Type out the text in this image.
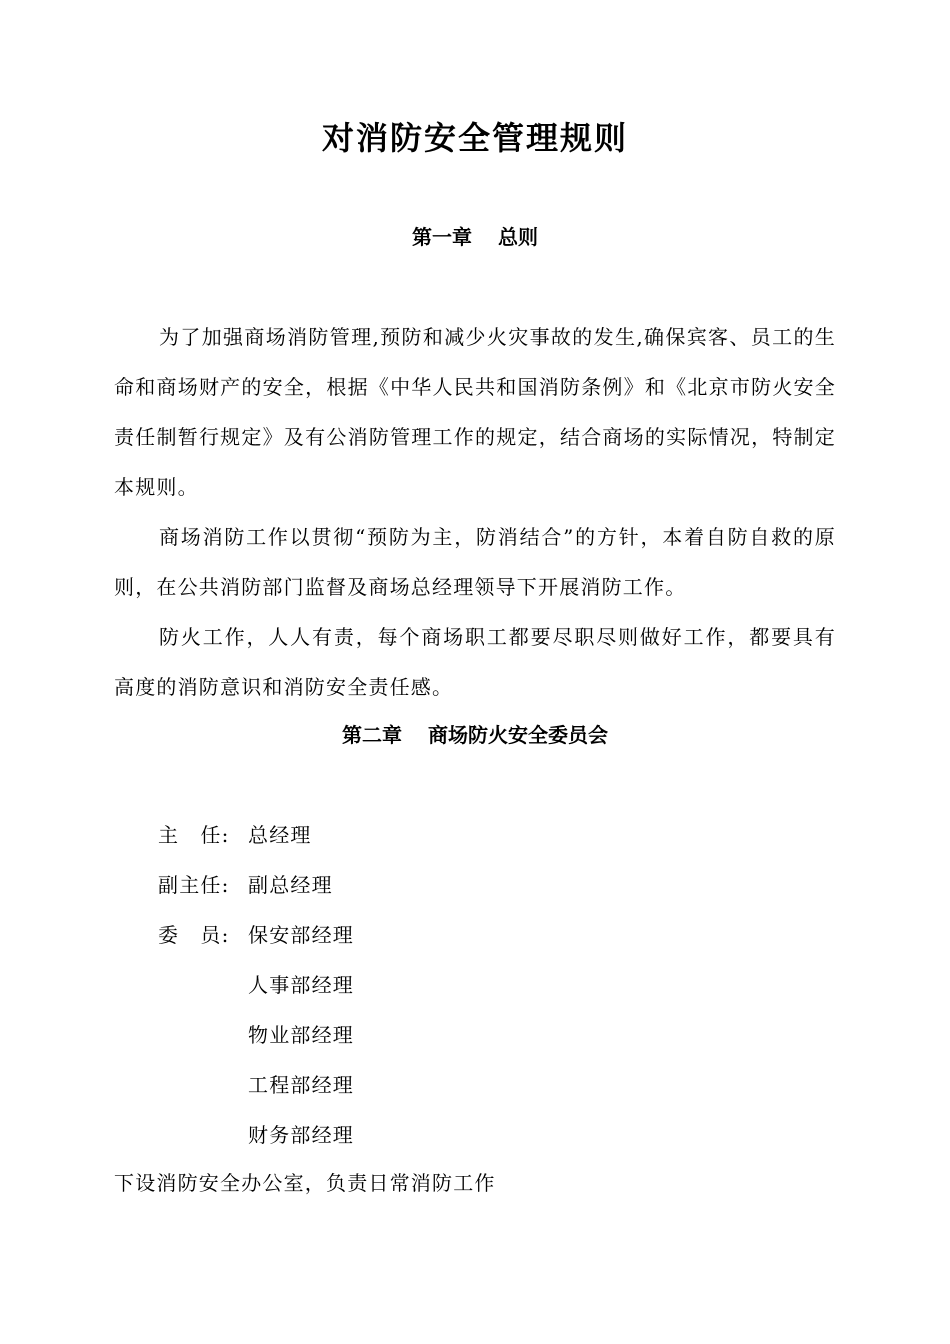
对消防安全管理规则
第一章 总则

为了加强商场消防管理,预防和减少火灾事故的发生,确保宾客、员工的生命和商场财产的安全，根据《中华人民共和国消防条例》和《北京市防火安全责任制暂行规定》及有公消防管理工作的规定，结合商场的实际情况，特制定本规则。

商场消防工作以贯彻“预防为主，防消结合”的方针，本着自防自救的原则，在公共消防部门监督及商场总经理领导下开展消防工作。

防火工作，人人有责，每个商场职工都要尽职尽则做好工作，都要具有高度的消防意识和消防安全责任感。

第二章 商场防火安全委员会
主　任: 总经理
副主任: 副总经理
委　员: 保安部经理
人事部经理
物业部经理
工程部经理
财务部经理

下设消防安全办公室，负责日常消防工作
